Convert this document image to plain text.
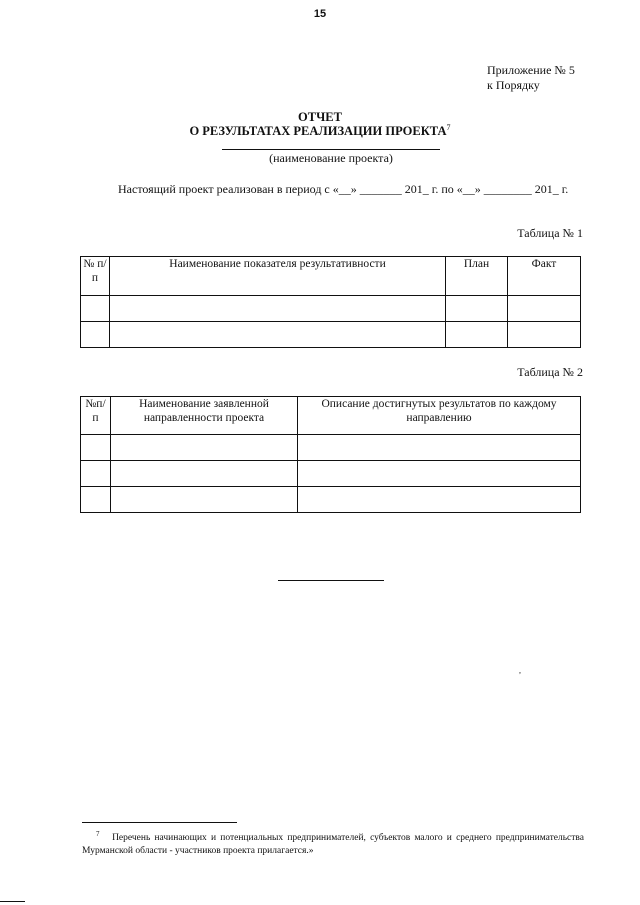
15
Приложение № 5
к Порядку
ОТЧЕТ
О РЕЗУЛЬТАТАХ РЕАЛИЗАЦИИ ПРОЕКТА$^7$
(наименование проекта)
Настоящий проект реализован в период с «__» _______ 201_ г. по «__» ________ 201_ г.
Таблица № 1
№ п/п	Наименование показателя результативности	План	Факт

Таблица № 2
№п/п	Наименование заявленной направленности проекта	Описание достигнутых результатов по каждому направлению

,
$^7$ Перечень начинающих и потенциальных предпринимателей, субъектов малого и среднего предпринимательства Мурманской области - участников проекта прилагается.»
